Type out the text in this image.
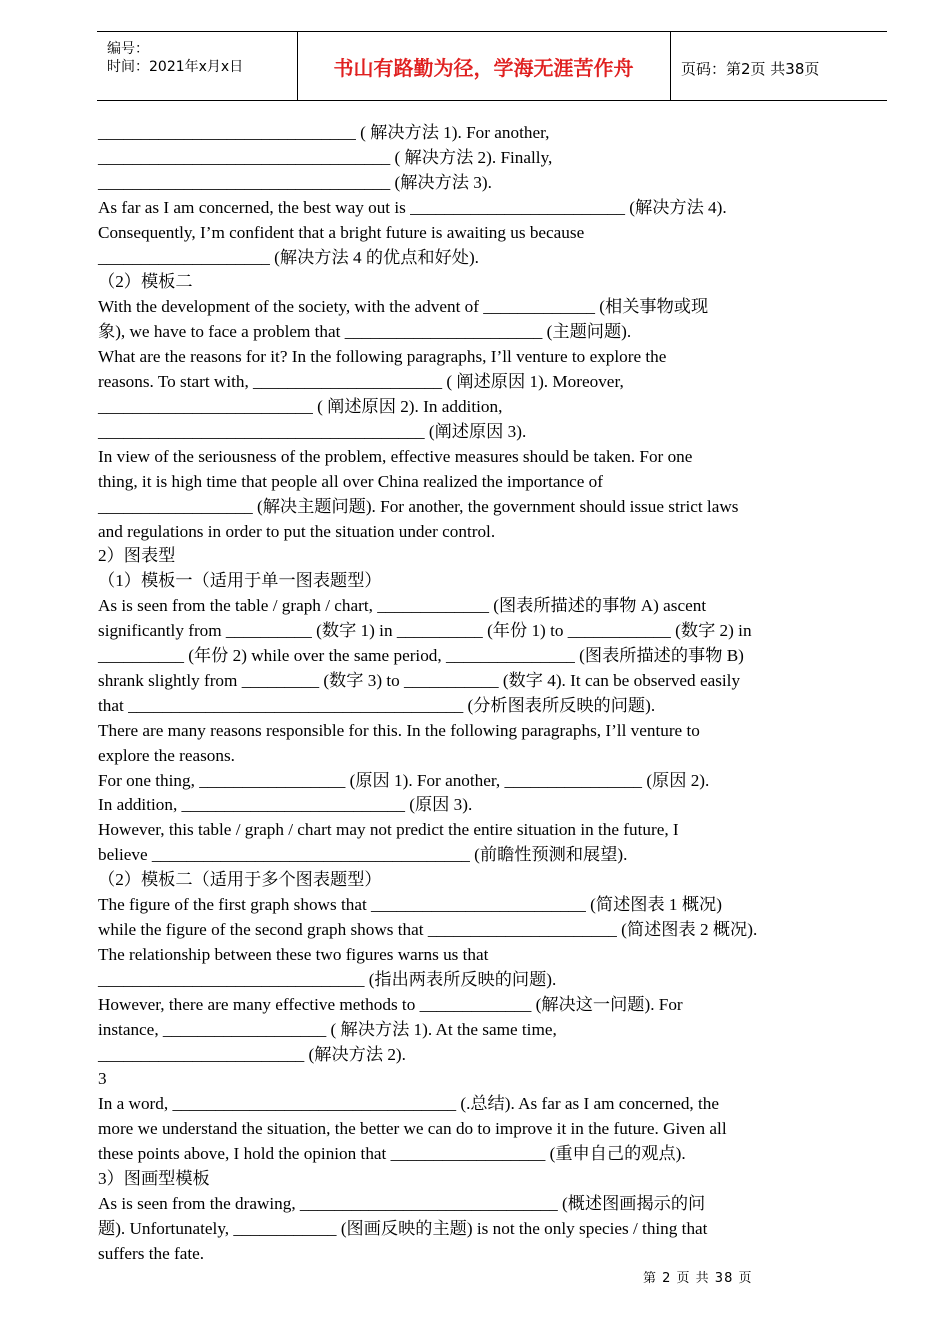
编号：
时间：2021年x月x日	书山有路勤为径，学海无涯苦作舟	页码：第2页 共38页

______________________________ ( 解决方法 1). For another,

__________________________________ ( 解决方法 2). Finally,

__________________________________ (解决方法 3).

As far as I am concerned, the best way out is _________________________ (解决方法 4).

Consequently, I’m confident that a bright future is awaiting us because

____________________ (解决方法 4 的优点和好处).

（2）模板二

With the development of the society, with the advent of _____________ (相关事物或现

象), we have to face a problem that _______________________ (主题问题).

What are the reasons for it? In the following paragraphs, I’ll venture to explore the

reasons. To start with, ______________________ ( 阐述原因 1). Moreover,

_________________________ ( 阐述原因 2). In addition,

______________________________________ (阐述原因 3).

In view of the seriousness of the problem, effective measures should be taken. For one

thing, it is high time that people all over China realized the importance of

__________________ (解决主题问题). For another, the government should issue strict laws

and regulations in order to put the situation under control.

2）图表型

（1）模板一（适用于单一图表题型）

As is seen from the table / graph / chart, _____________ (图表所描述的事物 A) ascent

significantly from __________ (数字 1) in __________ (年份 1) to ____________ (数字 2) in

__________ (年份 2) while over the same period, _______________ (图表所描述的事物 B)

shrank slightly from _________ (数字 3) to ___________ (数字 4). It can be observed easily

that _______________________________________ (分析图表所反映的问题).

There are many reasons responsible for this. In the following paragraphs, I’ll venture to

explore the reasons.

For one thing, _________________ (原因 1). For another, ________________ (原因 2).

In addition, __________________________ (原因 3).

However, this table / graph / chart may not predict the entire situation in the future, I

believe _____________________________________ (前瞻性预测和展望).

（2）模板二（适用于多个图表题型）

The figure of the first graph shows that _________________________ (简述图表 1 概况)

while the figure of the second graph shows that ______________________ (简述图表 2 概况).

The relationship between these two figures warns us that

_______________________________ (指出两表所反映的问题).

However, there are many effective methods to _____________ (解决这一问题). For

instance, ___________________ ( 解决方法 1). At the same time,

________________________ (解决方法 2).

3

In a word, _________________________________ (.总结). As far as I am concerned, the

more we understand the situation, the better we can do to improve it in the future. Given all

these points above, I hold the opinion that __________________ (重申自己的观点).

3）图画型模板

As is seen from the drawing, ______________________________ (概述图画揭示的问

题). Unfortunately, ____________ (图画反映的主题) is not the only species / thing that

suffers the fate.

第 2 页 共 38 页
